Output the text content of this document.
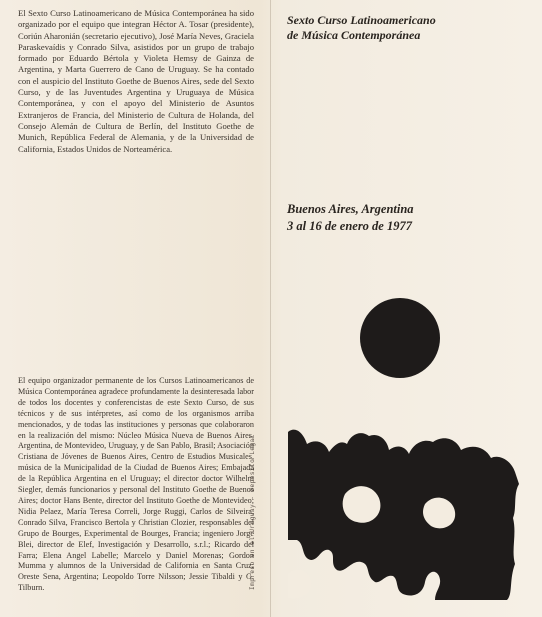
El Sexto Curso Latinoamericano de Música Contemporánea ha sido organizado por el equipo que integran Héctor A. Tosar (presidente), Coriún Aharonián (secretario ejecutivo), José María Neves, Graciela Paraskevaídis y Conrado Silva, asistidos por un grupo de trabajo formado por Eduardo Bértola y Violeta Hemsy de Gainza de Argentina, y Marta Guerrero de Cano de Uruguay. Se ha contado con el auspicio del Instituto Goethe de Buenos Aires, sede del Sexto Curso, y de las Juventudes Argentina y Uruguaya de Música Contemporánea, y con el apoyo del Ministerio de Asuntos Extranjeros de Francia, del Ministerio de Cultura de Holanda, del Consejo Alemán de Cultura de Berlín, del Instituto Goethe de Munich, República Federal de Alemania, y de la Universidad de California, Estados Unidos de Norteamérica.
El equipo organizador permanente de los Cursos Latinoamericanos de Música Contemporánea agradece profundamente la desinteresada labor de todos los docentes y conferencistas de este Sexto Curso, de sus técnicos y de sus intérpretes, así como de los organismos arriba mencionados, y de todas las instituciones y personas que colaboraron en la realización del mismo: Núcleo Música Nueva de Buenos Aires, Argentina, de Montevideo, Uruguay, y de San Pablo, Brasil; Asociación Cristiana de Jóvenes de Buenos Aires, Centro de Estudios Musicales, música de la Municipalidad de la Ciudad de Buenos Aires; Embajada de la República Argentina en el Uruguay; el director doctor Wilhelm Siegler, demás funcionarios y personal del Instituto Goethe de Buenos Aires; doctor Hans Bente, director del Instituto Goethe de Montevideo; Nidia Pelaez, María Teresa Correli, Jorge Ruggi, Carlos de Silveira, Conrado Silva, Francisco Bertola y Christian Clozier, responsables del Grupo de Bourges, Experimental de Bourges, Francia; ingeniero Jorge Blei, director de Elef, Investigación y Desarrollo, s.r.l.; Ricardo del Farra; Elena Angel Labelle; Marcelo y Daniel Morenas; Gordon Mumma y alumnos de la Universidad de California en Santa Cruz; Oreste Sena, Argentina; Leopoldo Torre Nilsson; Jessie Tibaldi y G. Tilburn.	Impreso en el Uruguay - Depósito Legal
Sexto Curso Latinoamericano
de Música Contemporánea
Buenos Aires, Argentina
3 al 16 de enero de 1977
